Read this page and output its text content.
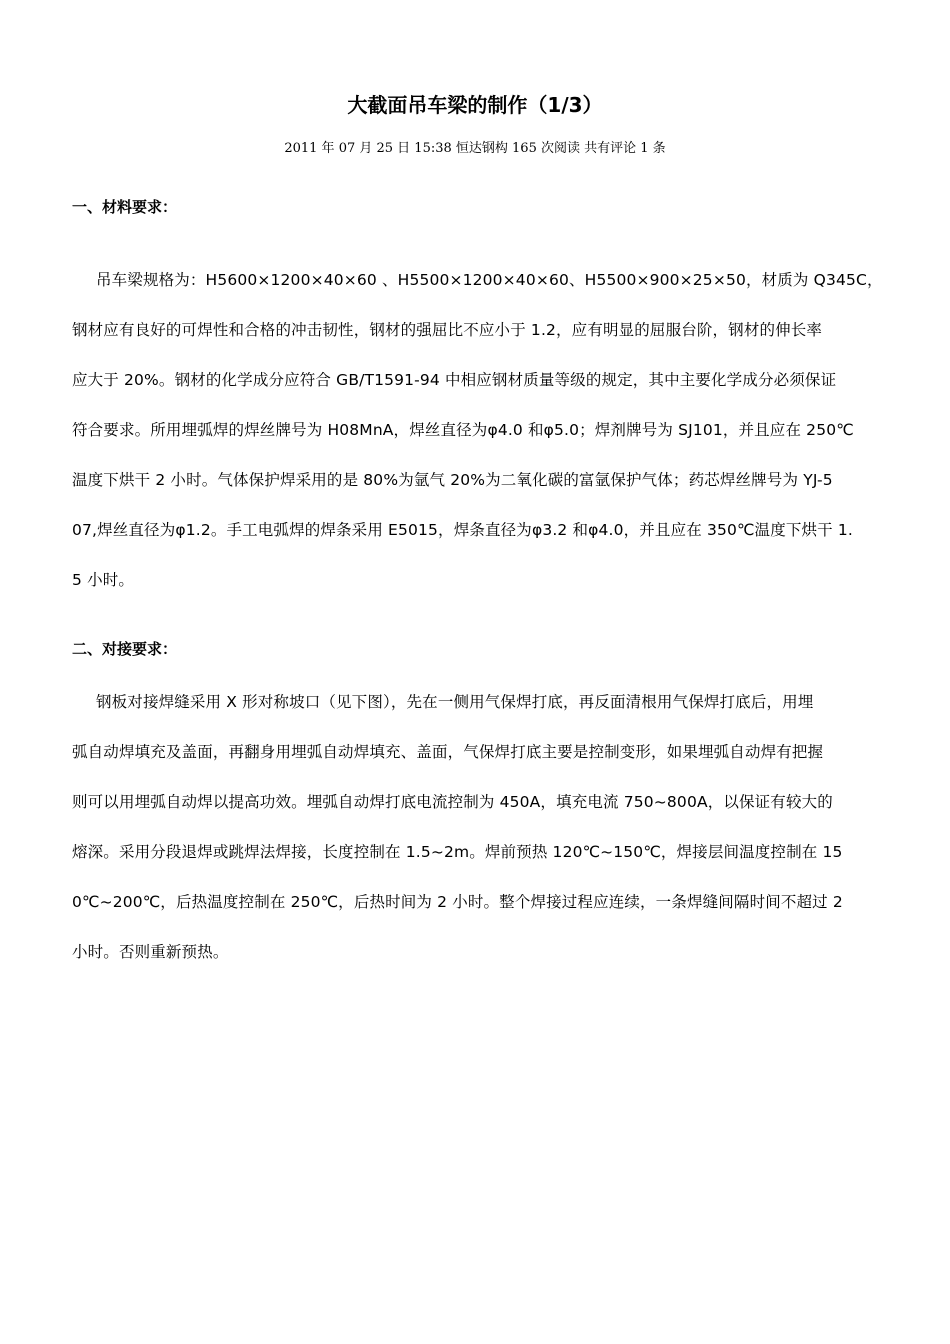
大截面吊车梁的制作（1/3）
2011 年 07 月 25 日 15:38 恒达钢构 165 次阅读 共有评论 1 条
一、材料要求：
吊车梁规格为：H5600×1200×40×60 、H5500×1200×40×60、H5500×900×25×50，材质为 Q345C，
钢材应有良好的可焊性和合格的冲击韧性，钢材的强屈比不应小于 1.2，应有明显的屈服台阶，钢材的伸长率
应大于 20%。钢材的化学成分应符合 GB/T1591-94 中相应钢材质量等级的规定，其中主要化学成分必须保证
符合要求。所用埋弧焊的焊丝牌号为 H08MnA，焊丝直径为φ4.0 和φ5.0；焊剂牌号为 SJ101，并且应在 250℃
温度下烘干 2 小时。气体保护焊采用的是 80%为氩气 20%为二氧化碳的富氩保护气体；药芯焊丝牌号为 YJ-5
07,焊丝直径为φ1.2。手工电弧焊的焊条采用 E5015，焊条直径为φ3.2 和φ4.0，并且应在 350℃温度下烘干 1.
5 小时。
二、对接要求：
钢板对接焊缝采用 X 形对称坡口（见下图），先在一侧用气保焊打底，再反面清根用气保焊打底后，用埋
弧自动焊填充及盖面，再翻身用埋弧自动焊填充、盖面，气保焊打底主要是控制变形，如果埋弧自动焊有把握
则可以用埋弧自动焊以提高功效。埋弧自动焊打底电流控制为 450A，填充电流 750~800A，以保证有较大的
熔深。采用分段退焊或跳焊法焊接，长度控制在 1.5~2m。焊前预热 120℃~150℃，焊接层间温度控制在 15
0℃~200℃，后热温度控制在 250℃，后热时间为 2 小时。整个焊接过程应连续，一条焊缝间隔时间不超过 2
小时。否则重新预热。
